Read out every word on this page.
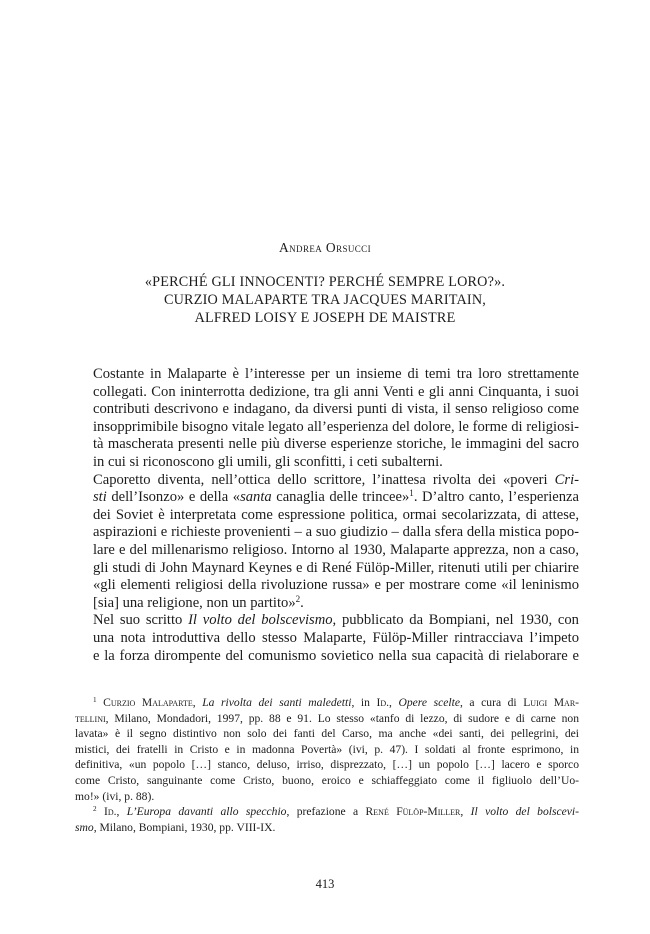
Andrea Orsucci
«PERCHÉ GLI INNOCENTI? PERCHÉ SEMPRE LORO?».
CURZIO MALAPARTE TRA JACQUES MARITAIN,
ALFRED LOISY E JOSEPH DE MAISTRE

Costante in Malaparte è l’interesse per un insieme di temi tra loro strettamente
collegati. Con ininterrotta dedizione, tra gli anni Venti e gli anni Cinquanta, i suoi
contributi descrivono e indagano, da diversi punti di vista, il senso religioso come
insopprimibile bisogno vitale legato all’esperienza del dolore, le forme di religiosi-
tà mascherata presenti nelle più diverse esperienze storiche, le immagini del sacro
in cui si riconoscono gli umili, gli sconfitti, i ceti subalterni.

Caporetto diventa, nell’ottica dello scrittore, l’inattesa rivolta dei «poveri Cri-
sti dell’Isonzo» e della «santa canaglia delle trincee»$^1$. D’altro canto, l’esperienza
dei Soviet è interpretata come espressione politica, ormai secolarizzata, di attese,
aspirazioni e richieste provenienti – a suo giudizio – dalla sfera della mistica popo-
lare e del millenarismo religioso. Intorno al 1930, Malaparte apprezza, non a caso,
gli studi di John Maynard Keynes e di René Fülöp-Miller, ritenuti utili per chiarire
«gli elementi religiosi della rivoluzione russa» e per mostrare come «il leninismo
[sia] una religione, non un partito»$^2$.

Nel suo scritto Il volto del bolscevismo, pubblicato da Bompiani, nel 1930, con
una nota introduttiva dello stesso Malaparte, Fülöp-Miller rintracciava l’impeto
e la forza dirompente del comunismo sovietico nella sua capacità di rielaborare e

$^1$ Curzio Malaparte, La rivolta dei santi maledetti, in Id., Opere scelte, a cura di Luigi Mar-
tellini, Milano, Mondadori, 1997, pp. 88 e 91. Lo stesso «tanfo di lezzo, di sudore e di carne non
lavata» è il segno distintivo non solo dei fanti del Carso, ma anche «dei santi, dei pellegrini, dei
mistici, dei fratelli in Cristo e in madonna Povertà» (ivi, p. 47). I soldati al fronte esprimono, in
definitiva, «un popolo […] stanco, deluso, irriso, disprezzato, […] un popolo […] lacero e sporco
come Cristo, sanguinante come Cristo, buono, eroico e schiaffeggiato come il figliuolo dell’Uo-
mo!» (ivi, p. 88).
$^2$ Id., L’Europa davanti allo specchio, prefazione a René Fülöp-Miller, Il volto del bolscevi-
smo, Milano, Bompiani, 1930, pp. VIII-IX.
413
